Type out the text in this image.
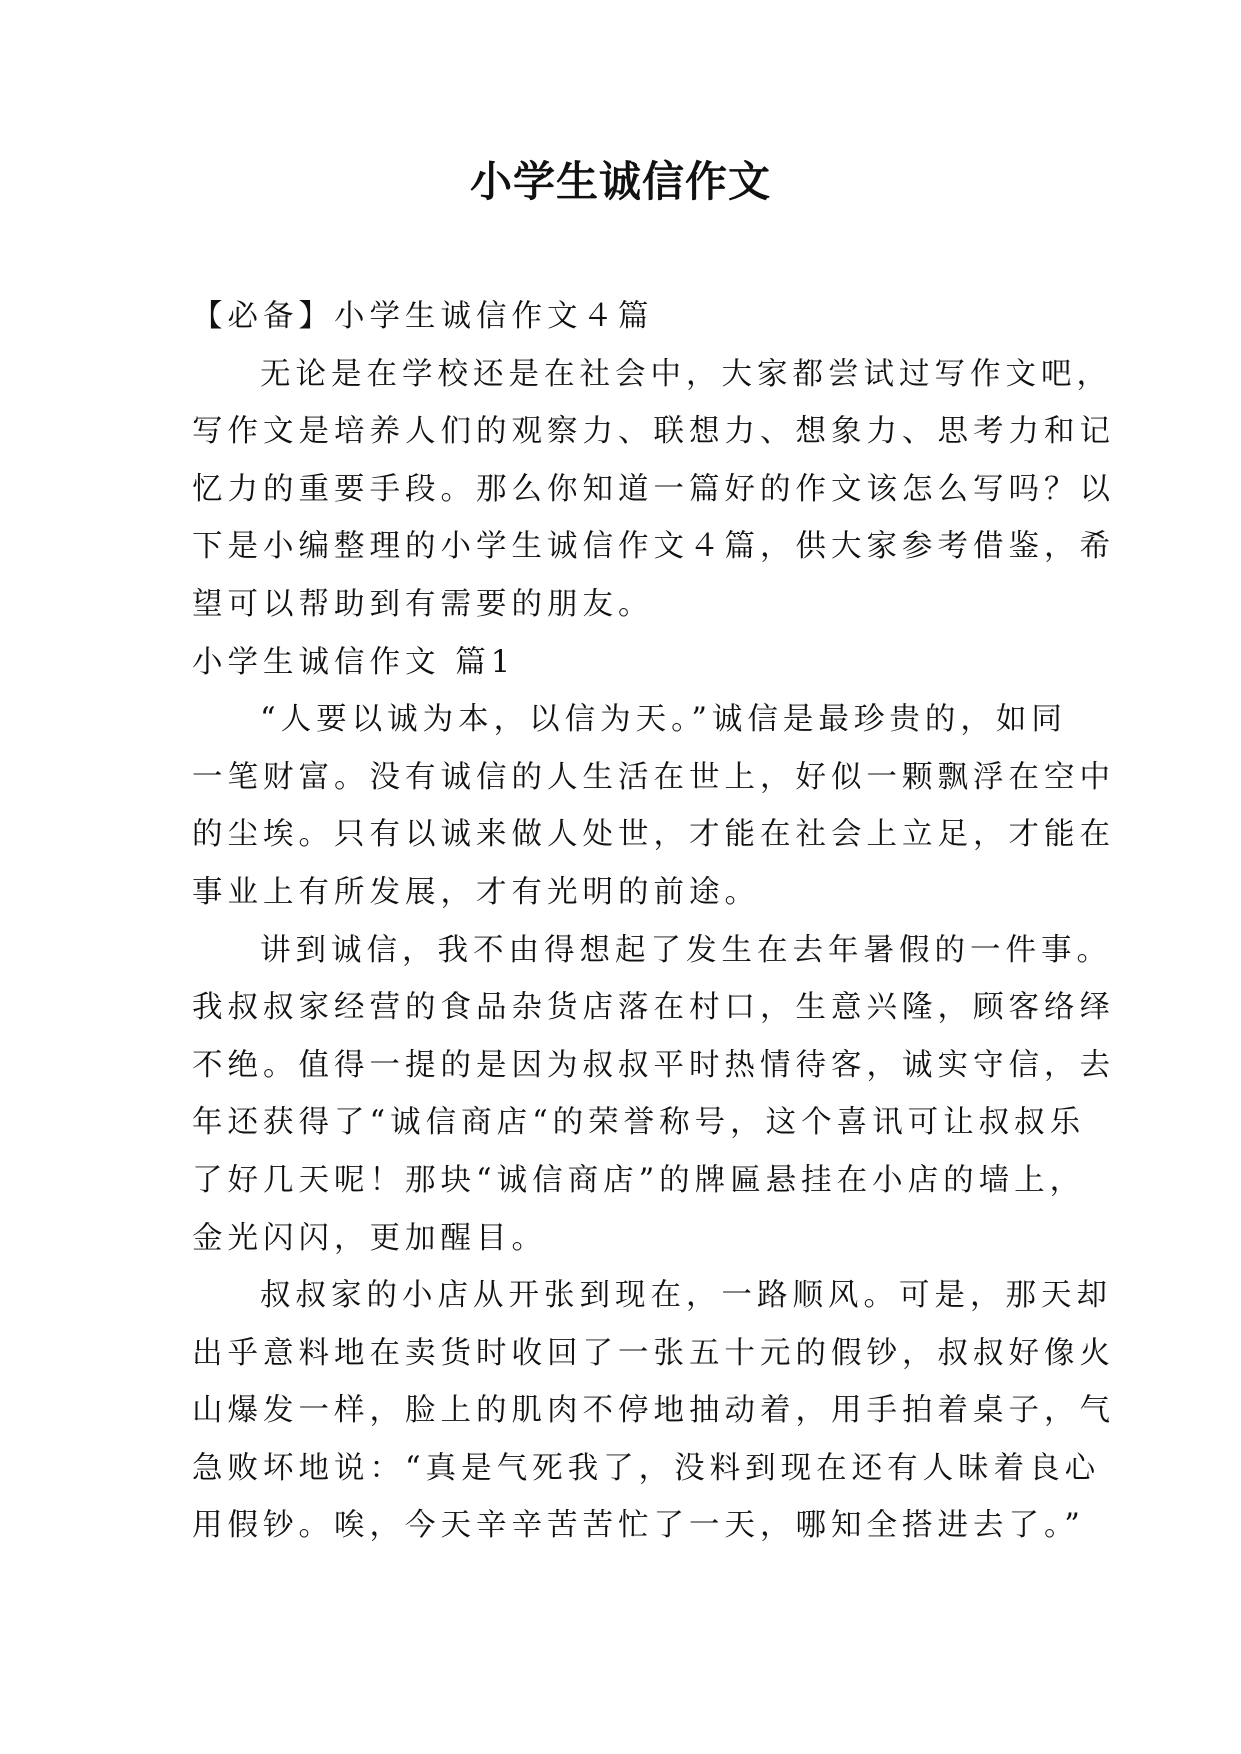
小学生诚信作文
【必备】小学生诚信作文４篇
无论是在学校还是在社会中，大家都尝试过写作文吧，
写作文是培养人们的观察力、联想力、想象力、思考力和记
忆力的重要手段。那么你知道一篇好的作文该怎么写吗？以
下是小编整理的小学生诚信作文４篇，供大家参考借鉴，希
望可以帮助到有需要的朋友。
小学生诚信作文 篇1
“人要以诚为本，以信为天。”诚信是最珍贵的，如同
一笔财富。没有诚信的人生活在世上，好似一颗飘浮在空中
的尘埃。只有以诚来做人处世，才能在社会上立足，才能在
事业上有所发展，才有光明的前途。
讲到诚信，我不由得想起了发生在去年暑假的一件事。
我叔叔家经营的食品杂货店落在村口，生意兴隆，顾客络绎
不绝。值得一提的是因为叔叔平时热情待客，诚实守信，去
年还获得了“诚信商店“的荣誉称号，这个喜讯可让叔叔乐
了好几天呢！那块“诚信商店”的牌匾悬挂在小店的墙上，
金光闪闪，更加醒目。
叔叔家的小店从开张到现在，一路顺风。可是，那天却
出乎意料地在卖货时收回了一张五十元的假钞，叔叔好像火
山爆发一样，脸上的肌肉不停地抽动着，用手拍着桌子，气
急败坏地说：“真是气死我了，没料到现在还有人昧着良心
用假钞。唉，今天辛辛苦苦忙了一天，哪知全搭进去了。”
